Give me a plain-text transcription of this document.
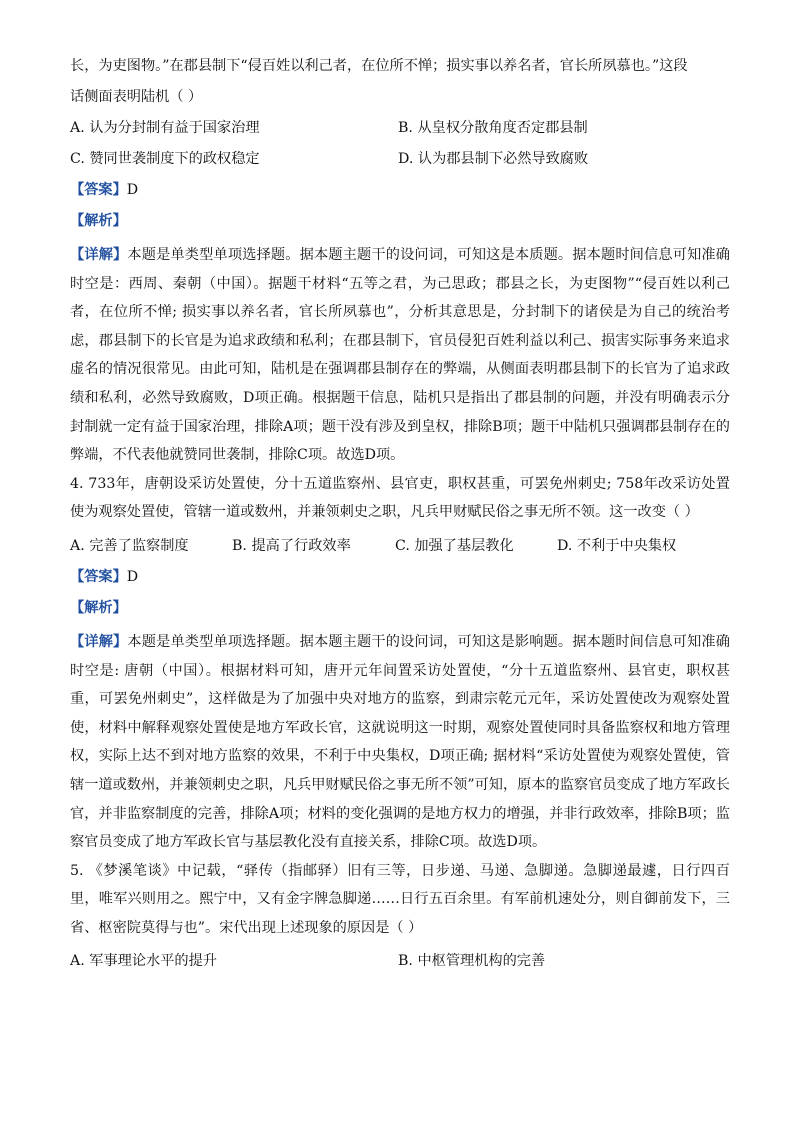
长，为吏图物。”在郡县制下“侵百姓以利己者，在位所不惮；损实事以养名者，官长所夙慕也。”这段

话侧面表明陆机（ ）

A. 认为分封制有益于国家治理	B. 从皇权分散角度否定郡县制
C. 赞同世袭制度下的政权稳定	D. 认为郡县制下必然导致腐败

【答案】D

【解析】

【详解】本题是单类型单项选择题。据本题主题干的设问词，可知这是本质题。据本题时间信息可知准确时空是：西周、秦朝（中国）。据题干材料“五等之君，为己思政；郡县之长，为吏图物”“侵百姓以利己者，在位所不惮; 损实事以养名者，官长所夙慕也”，分析其意思是，分封制下的诸侯是为自己的统治考虑，郡县制下的长官是为追求政绩和私利；在郡县制下，官员侵犯百姓利益以利己、损害实际事务来追求虚名的情况很常见。由此可知，陆机是在强调郡县制存在的弊端，从侧面表明郡县制下的长官为了追求政绩和私利，必然导致腐败，D项正确。根据题干信息，陆机只是指出了郡县制的问题，并没有明确表示分封制就一定有益于国家治理，排除A项；题干没有涉及到皇权，排除B项；题干中陆机只强调郡县制存在的弊端，不代表他就赞同世袭制，排除C项。故选D项。

4. 733年，唐朝设采访处置使，分十五道监察州、县官吏，职权甚重，可罢免州刺史; 758年改采访处置使为观察处置使，管辖一道或数州，并兼领刺史之职，凡兵甲财赋民俗之事无所不领。这一改变（ ）

A. 完善了监察制度	B. 提高了行政效率	C. 加强了基层教化	D. 不利于中央集权

【答案】D

【解析】

【详解】本题是单类型单项选择题。据本题主题干的设问词，可知这是影响题。据本题时间信息可知准确时空是: 唐朝（中国）。根据材料可知，唐开元年间置采访处置使，“分十五道监察州、县官吏，职权甚重，可罢免州刺史”，这样做是为了加强中央对地方的监察，到肃宗乾元元年，采访处置使改为观察处置使，材料中解释观察处置使是地方军政长官，这就说明这一时期，观察处置使同时具备监察权和地方管理权，实际上达不到对地方监察的效果，不利于中央集权，D项正确; 据材料“采访处置使为观察处置使，管辖一道或数州，并兼领刺史之职，凡兵甲财赋民俗之事无所不领”可知，原本的监察官员变成了地方军政长官，并非监察制度的完善，排除A项；材料的变化强调的是地方权力的增强，并非行政效率，排除B项；监察官员变成了地方军政长官与基层教化没有直接关系，排除C项。故选D项。

5. 《梦溪笔谈》中记载，“驿传（指邮驿）旧有三等，日步递、马递、急脚递。急脚递最遽，日行四百里，唯军兴则用之。熙宁中，又有金字牌急脚递……日行五百余里。有军前机速处分，则自御前发下，三省、枢密院莫得与也”。宋代出现上述现象的原因是（ ）

A. 军事理论水平的提升	B. 中枢管理机构的完善
